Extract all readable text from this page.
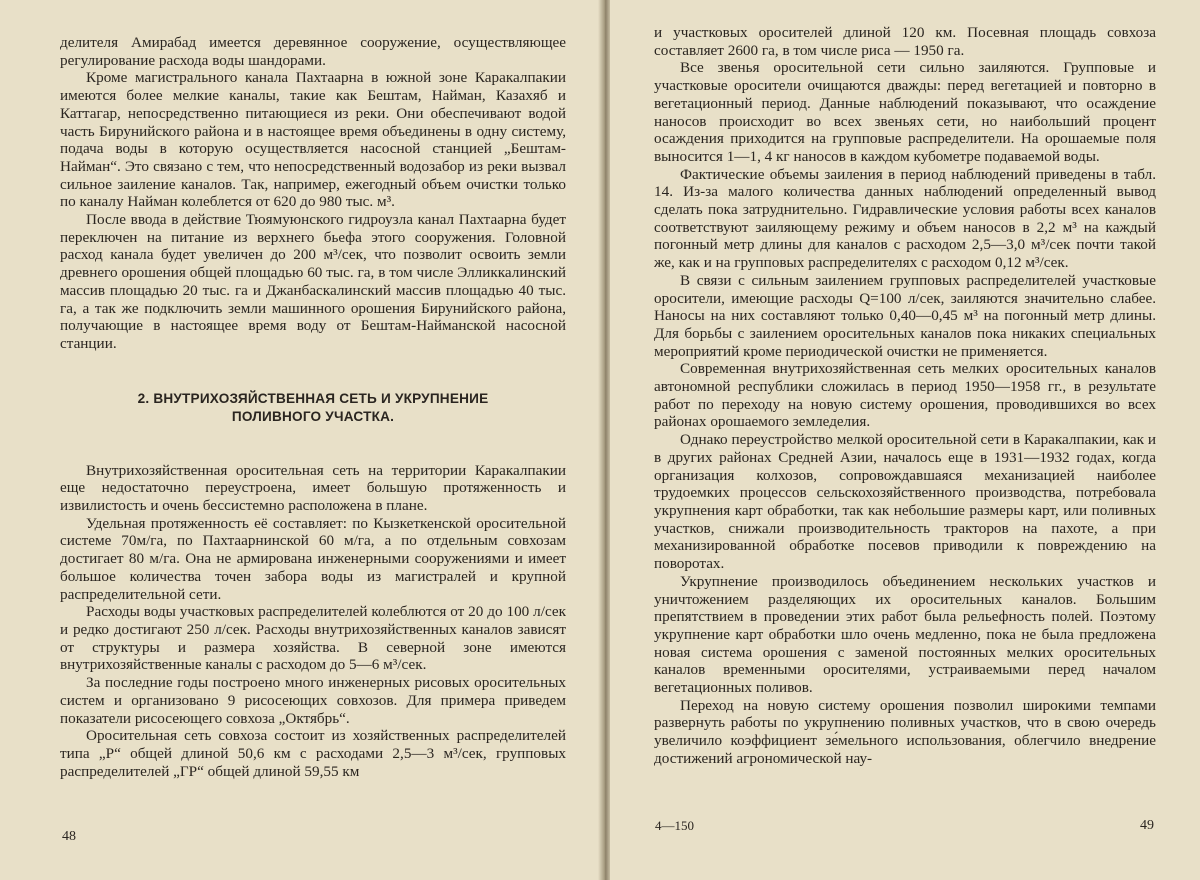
делителя Амирабад имеется деревянное сооружение, осуществляющее регулирование расхода воды шандорами.

Кроме магистрального канала Пахтаарна в южной зоне Каракалпакии имеются более мелкие каналы, такие как Бештам, Найман, Казахяб и Каттагар, непосредственно питающиеся из реки. Они обеспечивают водой часть Бирунийского района и в настоящее время объединены в одну систему, подача воды в которую осуществляется насосной станцией „Бештам-Найман“. Это связано с тем, что непосредственный водозабор из реки вызвал сильное заиление каналов. Так, например, ежегодный объем очистки только по каналу Найман колеблется от 620 до 980 тыс. м³.

После ввода в действие Тюямуюнского гидроузла канал Пахтаарна будет переключен на питание из верхнего бьефа этого сооружения. Головной расход канала будет увеличен до 200 м³/сек, что позволит освоить земли древнего орошения общей площадью 60 тыс. га, в том числе Элликкалинский массив площадью 20 тыс. га и Джанбаскалинский массив площадью 40 тыс. га, а так же подключить земли машинного орошения Бирунийского района, получающие в настоящее время воду от Бештам-Наймaнской насосной станции.

2. ВНУТРИХОЗЯЙСТВЕННАЯ СЕТЬ И УКРУПНЕНИЕ
ПОЛИВНОГО УЧАСТКА.

Внутрихозяйственная оросительная сеть на территории Каракалпакии еще недостаточно переустроена, имеет большую протяженность и извилистость и очень бессистемно расположена в плане.

Удельная протяженность её составляет: по Кызкеткенской оросительной системе 70м/га, по Пахтаарнинской 60 м/га, а по отдельным совхозам достигает 80 м/га. Она не армирована инженерными сооружениями и имеет большое количества точен забора воды из магистралей и крупной распределительной сети.

Расходы воды участковых распределителей колеблются от 20 до 100 л/сек и редко достигают 250 л/сек. Расходы внутрихозяйственных каналов зависят от структуры и размера хозяйства. В северной зоне имеются внутрихозяйственные каналы с расходом до 5—6 м³/сек.

За последние годы построено много инженерных рисовых оросительных систем и организовано 9 рисосеющих совхозов. Для примера приведем показатели рисосеющего совхоза „Октябрь“.

Оросительная сеть совхоза состоит из хозяйственных распределителей типа „Р“ общей длиной 50,6 км с расходами 2,5—3 м³/сек, групповых распределителей „ГР“ общей длиной 59,55 км

48

и участковых оросителей длиной 120 км. Посевная площадь совхоза составляет 2600 га, в том числе риса — 1950 га.

Все звенья оросительной сети сильно заиляются. Групповые и участковые оросители очищаются дважды: перед вегетацией и повторно в вегетационный период. Данные наблюдений показывают, что осаждение наносов происходит во всех звеньях сети, но наибольший процент осаждения приходится на групповые распределители. На орошаемые поля выносится 1—1, 4 кг наносов в каждом кубометре подаваемой воды.

Фактические объемы заиления в период наблюдений приведены в табл. 14. Из-за малого количества данных наблюдений определенный вывод сделать пока затруднительно. Гидравлические условия работы всех каналов соответствуют заиляющему режиму и объем наносов в 2,2 м³ на каждый погонный метр длины для каналов с расходом 2,5—3,0 м³/сек почти такой же, как и на групповых распределителях с расходом 0,12 м³/сек.

В связи с сильным заилением групповых распределителей участковые оросители, имеющие расходы Q=100 л/сек, заиляются значительно слабее. Наносы на них составляют только 0,40—0,45 м³ на погонный метр длины. Для борьбы с заилением оросительных каналов пока никаких специальных мероприятий кроме периодической очистки не применяется.

Современная внутрихозяйственная сеть мелких оросительных каналов автономной республики сложилась в период 1950—1958 гг., в результате работ по переходу на новую систему орошения, проводившихся во всех районах орошаемого земледелия.

Однако переустройство мелкой оросительной сети в Каракалпакии, как и в других районах Средней Азии, началось еще в 1931—1932 годах, когда организация колхозов, сопровождавшаяся механизацией наиболее трудоемких процессов сельскохозяйственного производства, потребовала укрупнения карт обработки, так как небольшие размеры карт, или поливных участков, снижали производительность тракторов на пахоте, а при механизированной обработке посевов приводили к повреждению на поворотах.

Укрупнение производилось объединением нескольких участков и уничтожением разделяющих их оросительных каналов. Большим препятствием в проведении этих работ была рельефность полей. Поэтому укрупнение карт обработки шло очень медленно, пока не была предложена новая система орошения с заменой постоянных мелких оросительных каналов временными оросителями, устраиваемыми перед началом вегетационных поливов.

Переход на новую систему орошения позволил широкими темпами развернуть работы по укрупнению поливных участков, что в свою очередь увеличило коэффициент зе́мельного использования, облегчило внедрение достижений агрономической нау-

4—150	49
